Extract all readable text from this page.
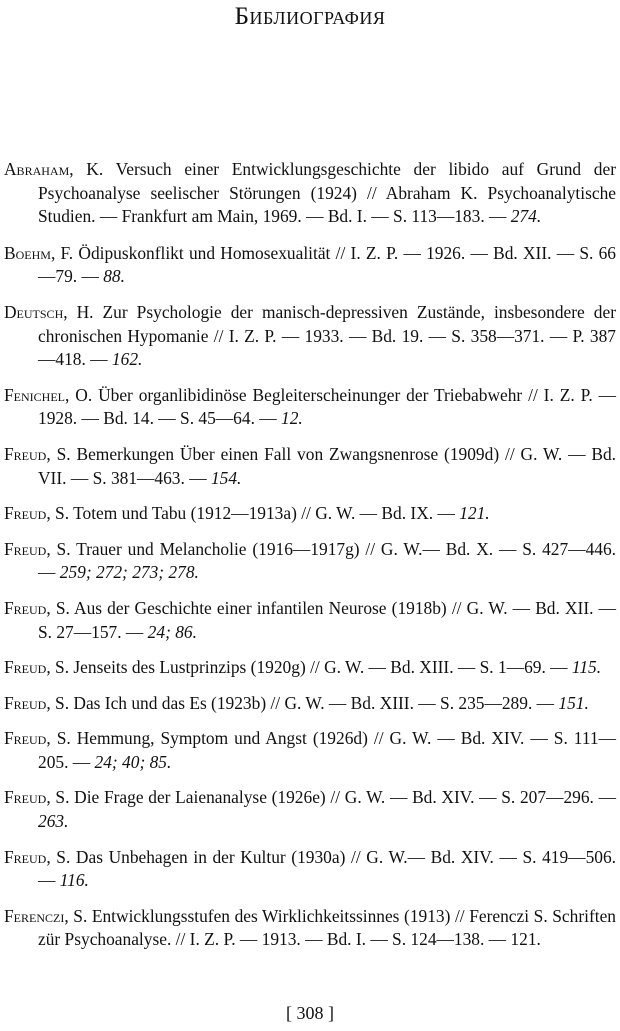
Библиография

Abraham, K. Versuch einer Entwicklungsgeschichte der libido auf Grund der Psychoanalyse seelischer Störungen (1924) // Abraham K. Psychoanalytische Studien. — Frankfurt am Main, 1969. — Bd. I. — S. 113—183. — 274.

Boehm, F. Ödipuskonflikt und Homosexualität // I. Z. P. — 1926. — Bd. XII. — S. 66—79. — 88.

Deutsch, H. Zur Psychologie der manisch-depressiven Zustände, insbesondere der chronischen Hypomanie // I. Z. P. — 1933. — Bd. 19. — S. 358—371. — P. 387—418. — 162.

Fenichel, O. Über organlibidinöse Begleiterscheinunger der Triebabwehr // I. Z. P. —1928. — Bd. 14. — S. 45—64. — 12.

Freud, S. Bemerkungen Über einen Fall von Zwangsnenrose (1909d) // G. W. — Bd. VII. — S. 381—463. — 154.

Freud, S. Totem und Tabu (1912—1913a) // G. W. — Bd. IX. — 121.

Freud, S. Trauer und Melancholie (1916—1917g) // G. W.— Bd. X. — S. 427—446. — 259; 272; 273; 278.

Freud, S. Aus der Geschichte einer infantilen Neurose (1918b) // G. W. — Bd. XII. — S. 27—157. — 24; 86.

Freud, S. Jenseits des Lustprinzips (1920g) // G. W. — Bd. XIII. — S. 1—69. — 115.

Freud, S. Das Ich und das Es (1923b) // G. W. — Bd. XIII. — S. 235—289. — 151.

Freud, S. Hemmung, Symptom und Angst (1926d) // G. W. — Bd. XIV. — S. 111—205. — 24; 40; 85.

Freud, S. Die Frage der Laienanalyse (1926e) // G. W. — Bd. XIV. — S. 207—296. — 263.

Freud, S. Das Unbehagen in der Kultur (1930a) // G. W.— Bd. XIV. — S. 419—506. — 116.

Ferenczi, S. Entwicklungsstufen des Wirklichkeitssinnes (1913) // Ferenczi S. Schriften zür Psychoanalyse. // I. Z. P. — 1913. — Bd. I. — S. 124—138. — 121.

[ 308 ]
